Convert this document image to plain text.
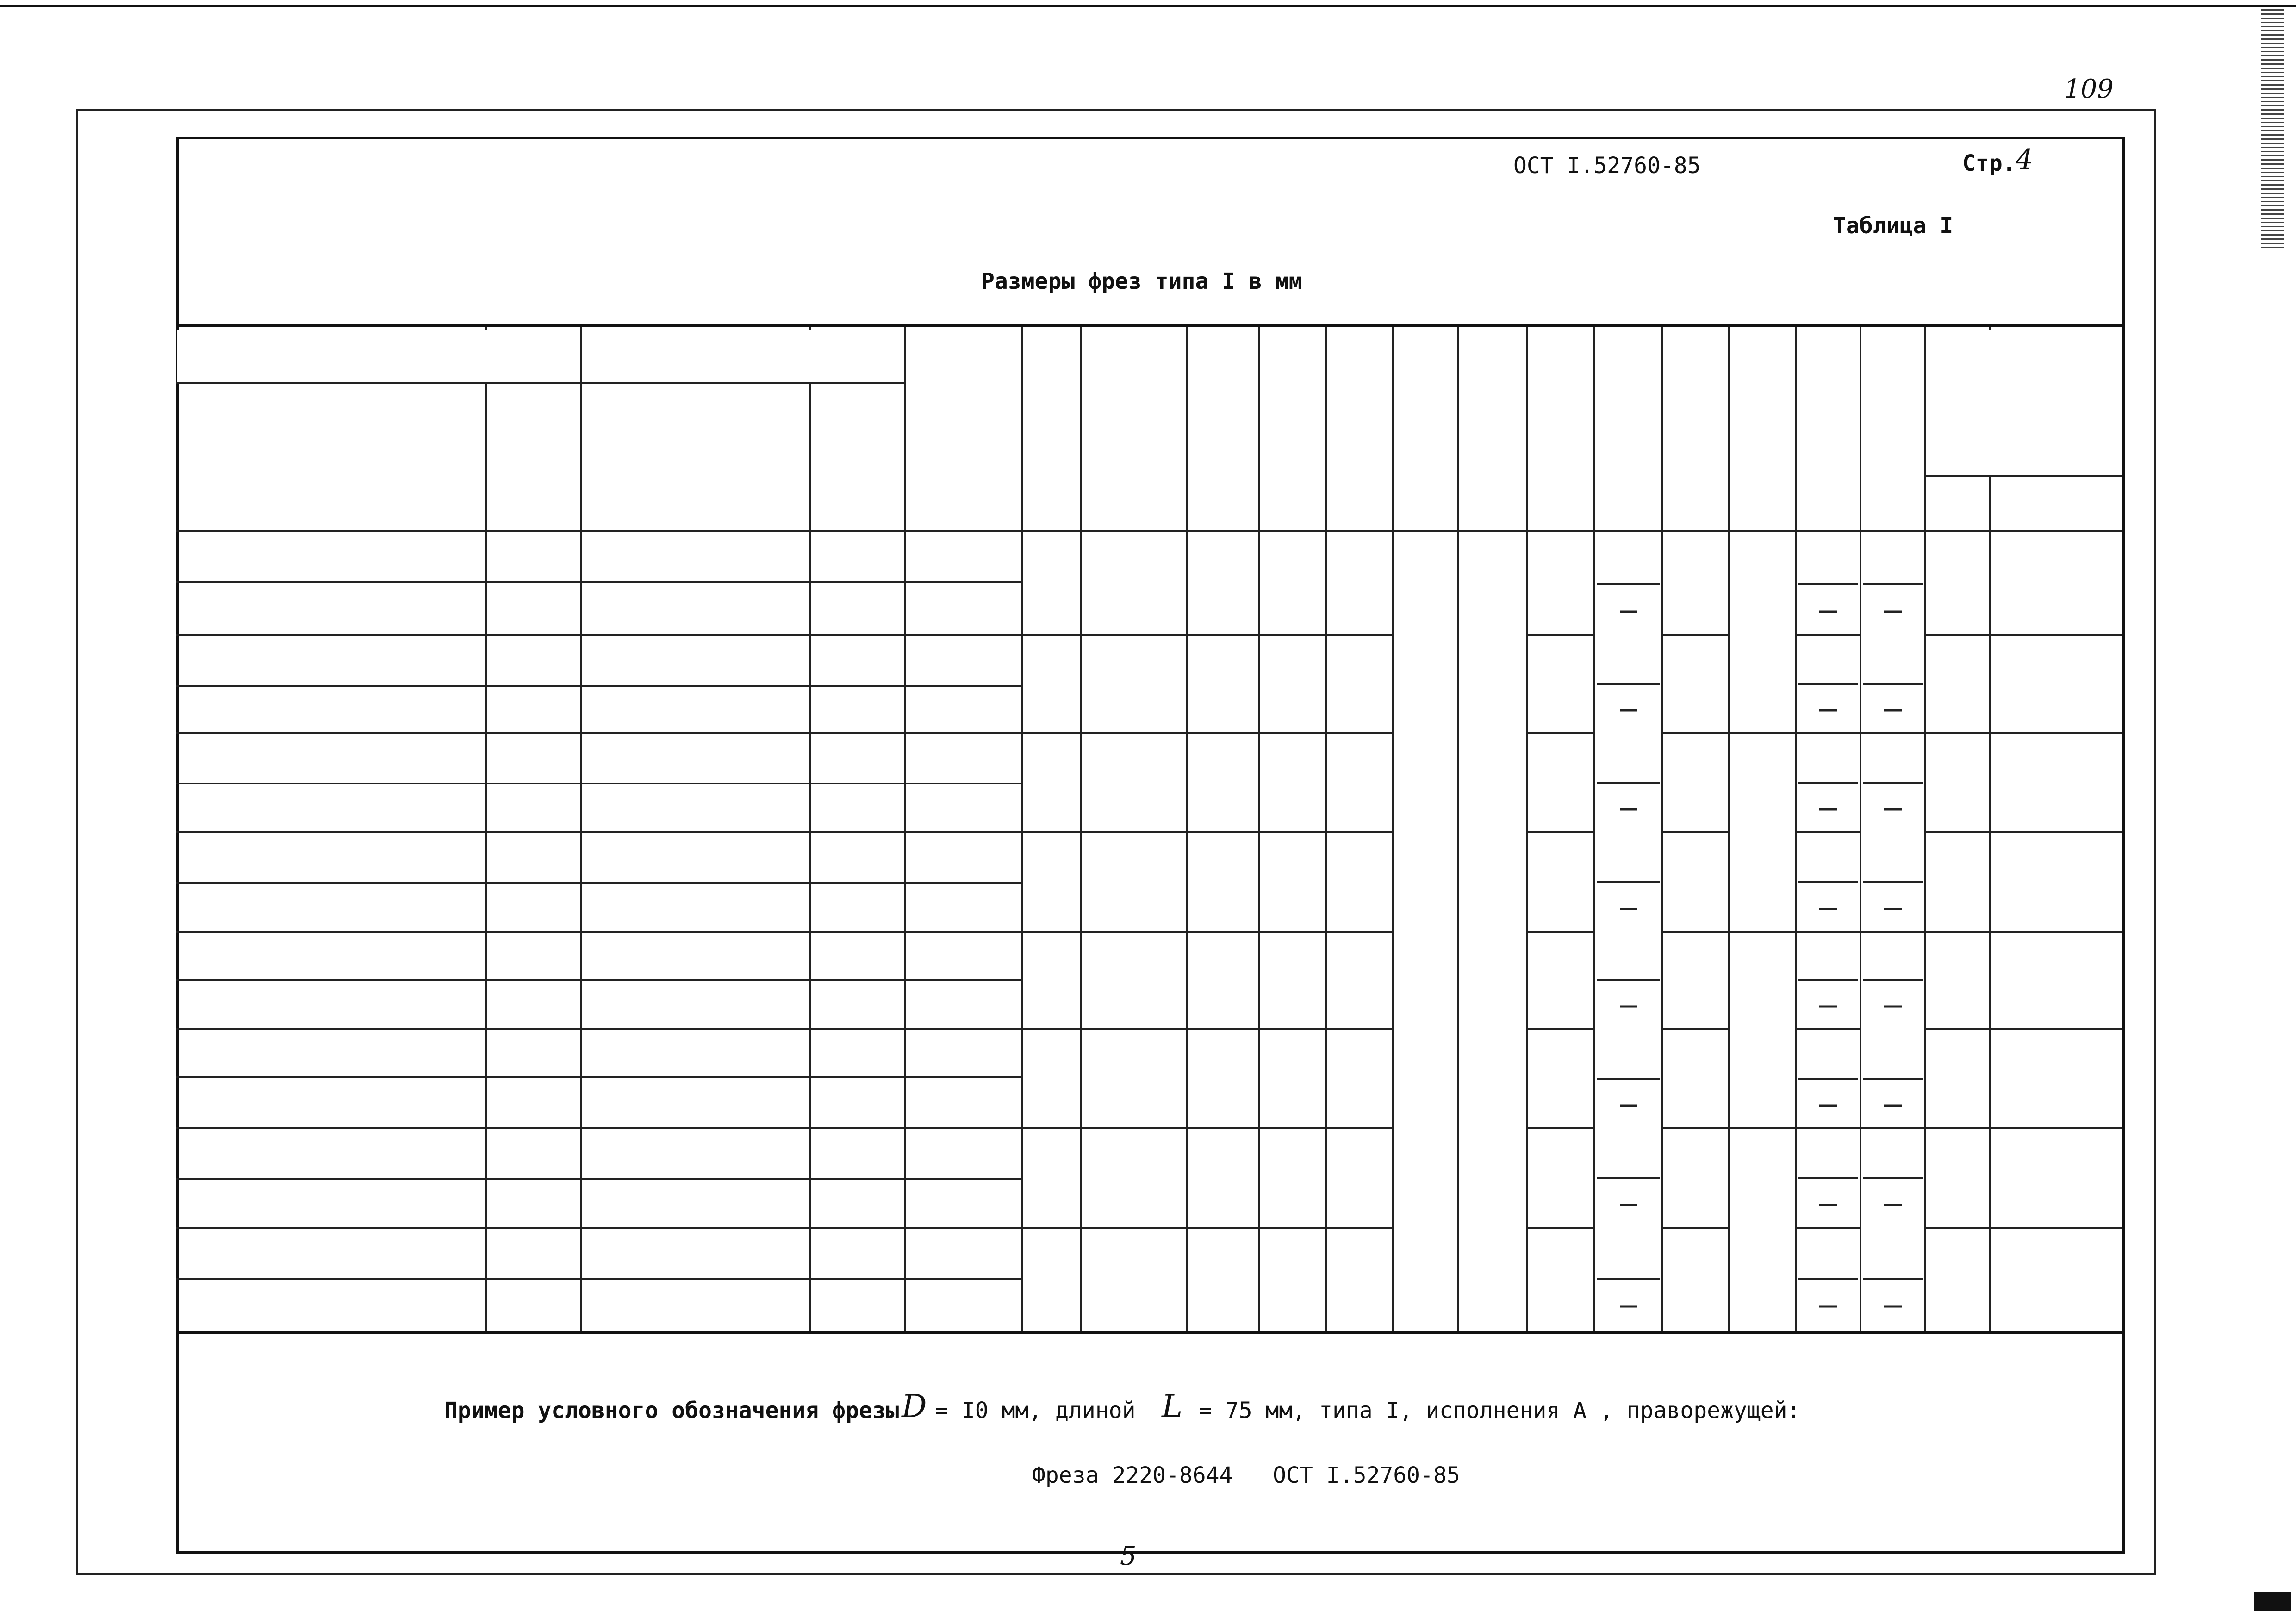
109
ОСТ I.52760-85	Стр. 4
Таблица I
Размеры фрез типа I в мм
Пример условного обозначения фрезы D = I0 мм, длиной L = 75 мм, типа I, исполнения А , праворежущей:
Фреза 2220-8644   ОСТ I.52760-85
5
